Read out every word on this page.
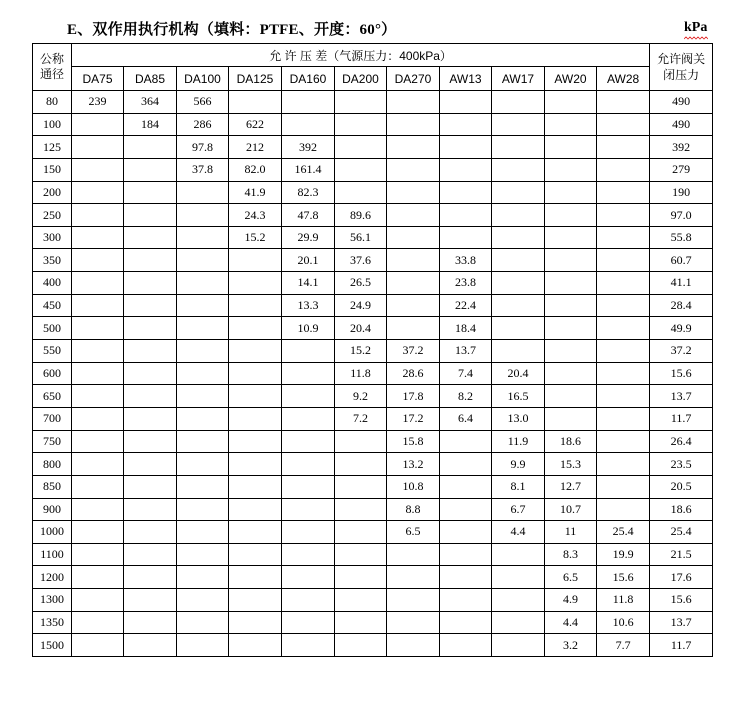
E、双作用执行机构（填料：PTFE、开度：60°）	kPa
公称
通径	允 许 压 差（气源压力：400kPa）											允许阀关
闭压力
	DA75	DA85	DA100	DA125	DA160	DA200	DA270	AW13	AW17	AW20	AW28	
80	239	364	566									490
100		184	286	622								490
125			97.8	212	392							392
150			37.8	82.0	161.4							279
200				41.9	82.3							190
250				24.3	47.8	89.6						97.0
300				15.2	29.9	56.1						55.8
350					20.1	37.6		33.8				60.7
400					14.1	26.5		23.8				41.1
450					13.3	24.9		22.4				28.4
500					10.9	20.4		18.4				49.9
550						15.2	37.2	13.7				37.2
600						11.8	28.6	7.4	20.4			15.6
650						9.2	17.8	8.2	16.5			13.7
700						7.2	17.2	6.4	13.0			11.7
750							15.8		11.9	18.6		26.4
800							13.2		9.9	15.3		23.5
850							10.8		8.1	12.7		20.5
900							8.8		6.7	10.7		18.6
1000							6.5		4.4	11	25.4	25.4
1100										8.3	19.9	21.5
1200										6.5	15.6	17.6
1300										4.9	11.8	15.6
1350										4.4	10.6	13.7
1500										3.2	7.7	11.7
